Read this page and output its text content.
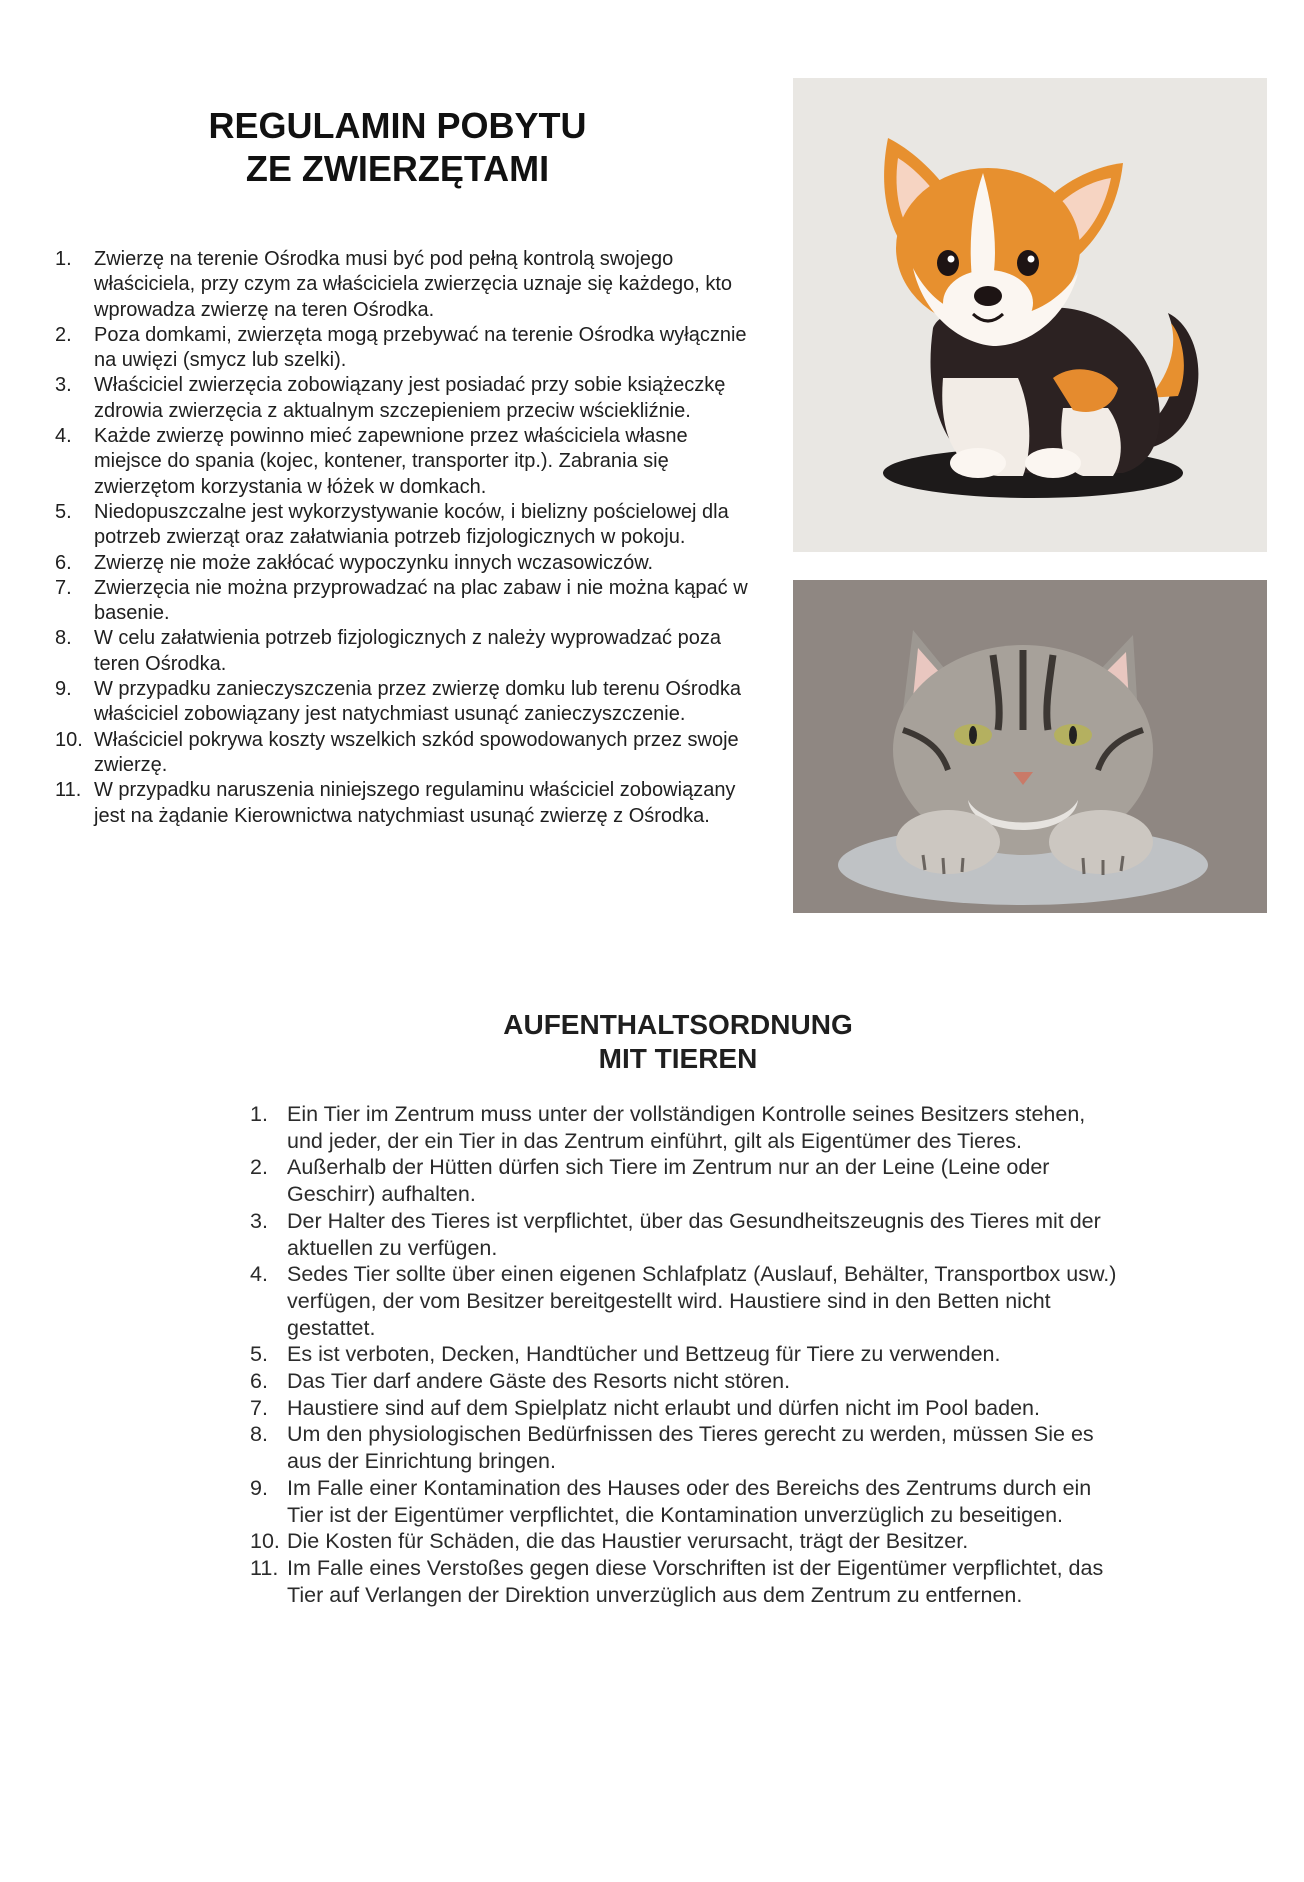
REGULAMIN POBYTU
ZE ZWIERZĘTAMI
1. Zwierzę na terenie Ośrodka musi być pod pełną kontrolą swojego właściciela, przy czym za właściciela zwierzęcia uznaje się każdego, kto wprowadza zwierzę na teren Ośrodka.
2. Poza domkami, zwierzęta mogą przebywać na terenie Ośrodka wyłącznie na uwięzi (smycz lub szelki).
3. Właściciel zwierzęcia zobowiązany jest posiadać przy sobie książeczkę zdrowia zwierzęcia z aktualnym szczepieniem przeciw wściekliźnie.
4. Każde zwierzę powinno mieć zapewnione przez właściciela własne miejsce do spania (kojec, kontener, transporter itp.). Zabrania się zwierzętom korzystania w łóżek w domkach.
5. Niedopuszczalne jest wykorzystywanie koców, i bielizny pościelowej dla potrzeb zwierząt oraz załatwiania potrzeb fizjologicznych w pokoju.
6. Zwierzę nie może zakłócać wypoczynku innych wczasowiczów.
7. Zwierzęcia nie można przyprowadzać na plac zabaw i nie można kąpać w basenie.
8. W celu załatwienia potrzeb fizjologicznych z należy wyprowadzać poza teren Ośrodka.
9. W przypadku zanieczyszczenia przez zwierzę domku lub terenu Ośrodka właściciel zobowiązany jest natychmiast usunąć zanieczyszczenie.
10. Właściciel pokrywa koszty wszelkich szkód spowodowanych przez swoje zwierzę.
11. W przypadku naruszenia niniejszego regulaminu właściciel zobowiązany jest na żądanie Kierownictwa natychmiast usunąć zwierzę z Ośrodka.
AUFENTHALTSORDNUNG
MIT TIEREN
1. Ein Tier im Zentrum muss unter der vollständigen Kontrolle seines Besitzers stehen, und jeder, der ein Tier in das Zentrum einführt, gilt als Eigentümer des Tieres.
2. Außerhalb der Hütten dürfen sich Tiere im Zentrum nur an der Leine (Leine oder Geschirr) aufhalten.
3. Der Halter des Tieres ist verpflichtet, über das Gesundheitszeugnis des Tieres mit der aktuellen zu verfügen.
4. Sedes Tier sollte über einen eigenen Schlafplatz (Auslauf, Behälter, Transportbox usw.) verfügen, der vom Besitzer bereitgestellt wird. Haustiere sind in den Betten nicht gestattet.
5. Es ist verboten, Decken, Handtücher und Bettzeug für Tiere zu verwenden.
6. Das Tier darf andere Gäste des Resorts nicht stören.
7. Haustiere sind auf dem Spielplatz nicht erlaubt und dürfen nicht im Pool baden.
8. Um den physiologischen Bedürfnissen des Tieres gerecht zu werden, müssen Sie es aus der Einrichtung bringen.
9. Im Falle einer Kontamination des Hauses oder des Bereichs des Zentrums durch ein Tier ist der Eigentümer verpflichtet, die Kontamination unverzüglich zu beseitigen.
10. Die Kosten für Schäden, die das Haustier verursacht, trägt der Besitzer.
11. Im Falle eines Verstoßes gegen diese Vorschriften ist der Eigentümer verpflichtet, das Tier auf Verlangen der Direktion unverzüglich aus dem Zentrum zu entfernen.
